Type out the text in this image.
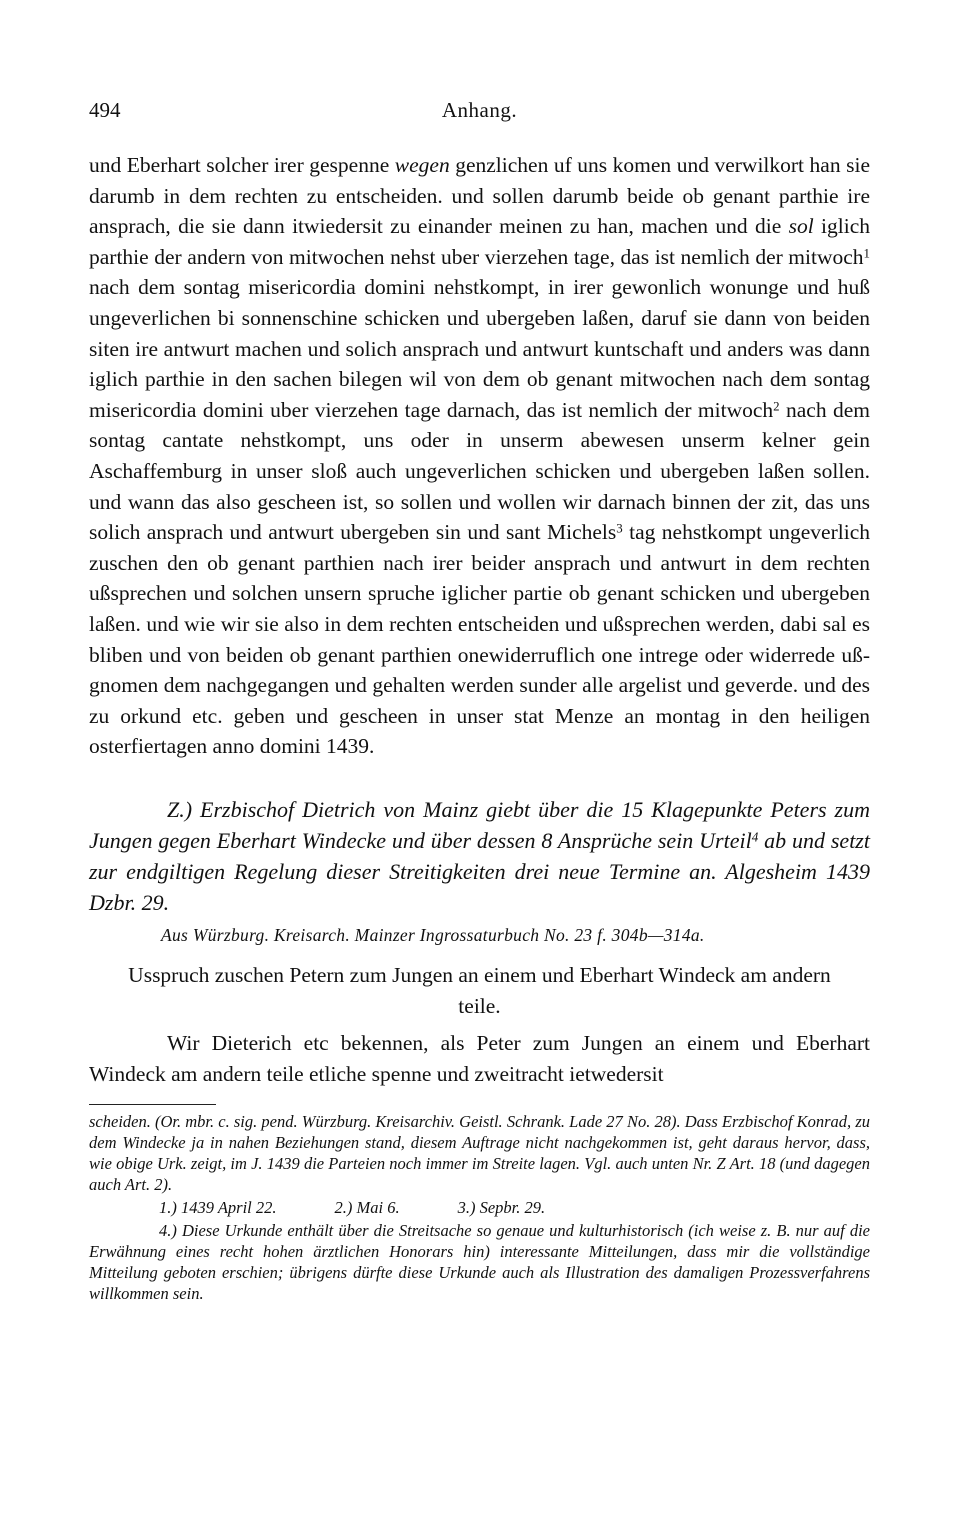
494	Anhang.

und Eberhart solcher irer gespenne wegen genzlichen uf uns komen und verwilkort han sie darumb in dem rechten zu entscheiden. und sollen darumb beide ob genant parthie ire ansprach, die sie dann itwiedersit zu einander meinen zu han, machen und die sol iglich parthie der andern von mitwochen nehst uber vierzehen tage, das ist nemlich der mitwoch$^1$ nach dem sontag misericordia domini nehstkompt, in irer gewonlich wonunge und huß ungeverlichen bi sonnenschine schicken und ubergeben laßen, daruf sie dann von beiden siten ire antwurt machen und solich ansprach und antwurt kuntschaft und anders was dann iglich parthie in den sachen bilegen wil von dem ob genant mitwochen nach dem sontag misericordia domini uber vierzehen tage darnach, das ist nemlich der mitwoch$^2$ nach dem sontag cantate nehstkompt, uns oder in unserm abewesen unserm kelner gein Aschaffemburg in unser sloß auch ungeverlichen schicken und ubergeben laßen sollen. und wann das also gescheen ist, so sollen und wollen wir darnach binnen der zit, das uns solich ansprach und antwurt ubergeben sin und sant Michels$^3$ tag nehstkompt ungeverlich zuschen den ob genant parthien nach irer beider ansprach und antwurt in dem rechten ußsprechen und solchen unsern spruche iglicher partie ob genant schicken und ubergeben laßen. und wie wir sie also in dem rechten entscheiden und ußsprechen werden, dabi sal es bliben und von beiden ob genant parthien onewiderruflich one intrege oder widerrede ußgnomen dem nachgegangen und gehalten werden sunder alle argelist und geverde. und des zu orkund etc. geben und gescheen in unser stat Menze an montag in den heiligen osterfiertagen anno domini 1439.

Z.) Erzbischof Dietrich von Mainz giebt über die 15 Klagepunkte Peters zum Jungen gegen Eberhart Windecke und über dessen 8 Ansprüche sein Urteil$^4$ ab und setzt zur endgiltigen Regelung dieser Streitigkeiten drei neue Termine an. Algesheim 1439 Dzbr. 29.

Aus Würzburg. Kreisarch. Mainzer Ingrossaturbuch No. 23 f. 304b—314a.

Usspruch zuschen Petern zum Jungen an einem und Eberhart Windeck am andern teile.

Wir Dieterich etc bekennen, als Peter zum Jungen an einem und Eberhart Windeck am andern teile etliche spenne und zweitracht ietwedersit

scheiden. (Or. mbr. c. sig. pend. Würzburg. Kreisarchiv. Geistl. Schrank. Lade 27 No. 28). Dass Erzbischof Konrad, zu dem Windecke ja in nahen Beziehungen stand, diesem Auftrage nicht nachgekommen ist, geht daraus hervor, dass, wie obige Urk. zeigt, im J. 1439 die Parteien noch immer im Streite lagen. Vgl. auch unten Nr. Z Art. 18 (und dagegen auch Art. 2).

1.) 1439 April 22.	2.) Mai 6.	3.) Sepbr. 29.

4.) Diese Urkunde enthält über die Streitsache so genaue und kulturhistorisch (ich weise z. B. nur auf die Erwähnung eines recht hohen ärztlichen Honorars hin) interessante Mitteilungen, dass mir die vollständige Mitteilung geboten erschien; übrigens dürfte diese Urkunde auch als Illustration des damaligen Prozessverfahrens willkommen sein.
